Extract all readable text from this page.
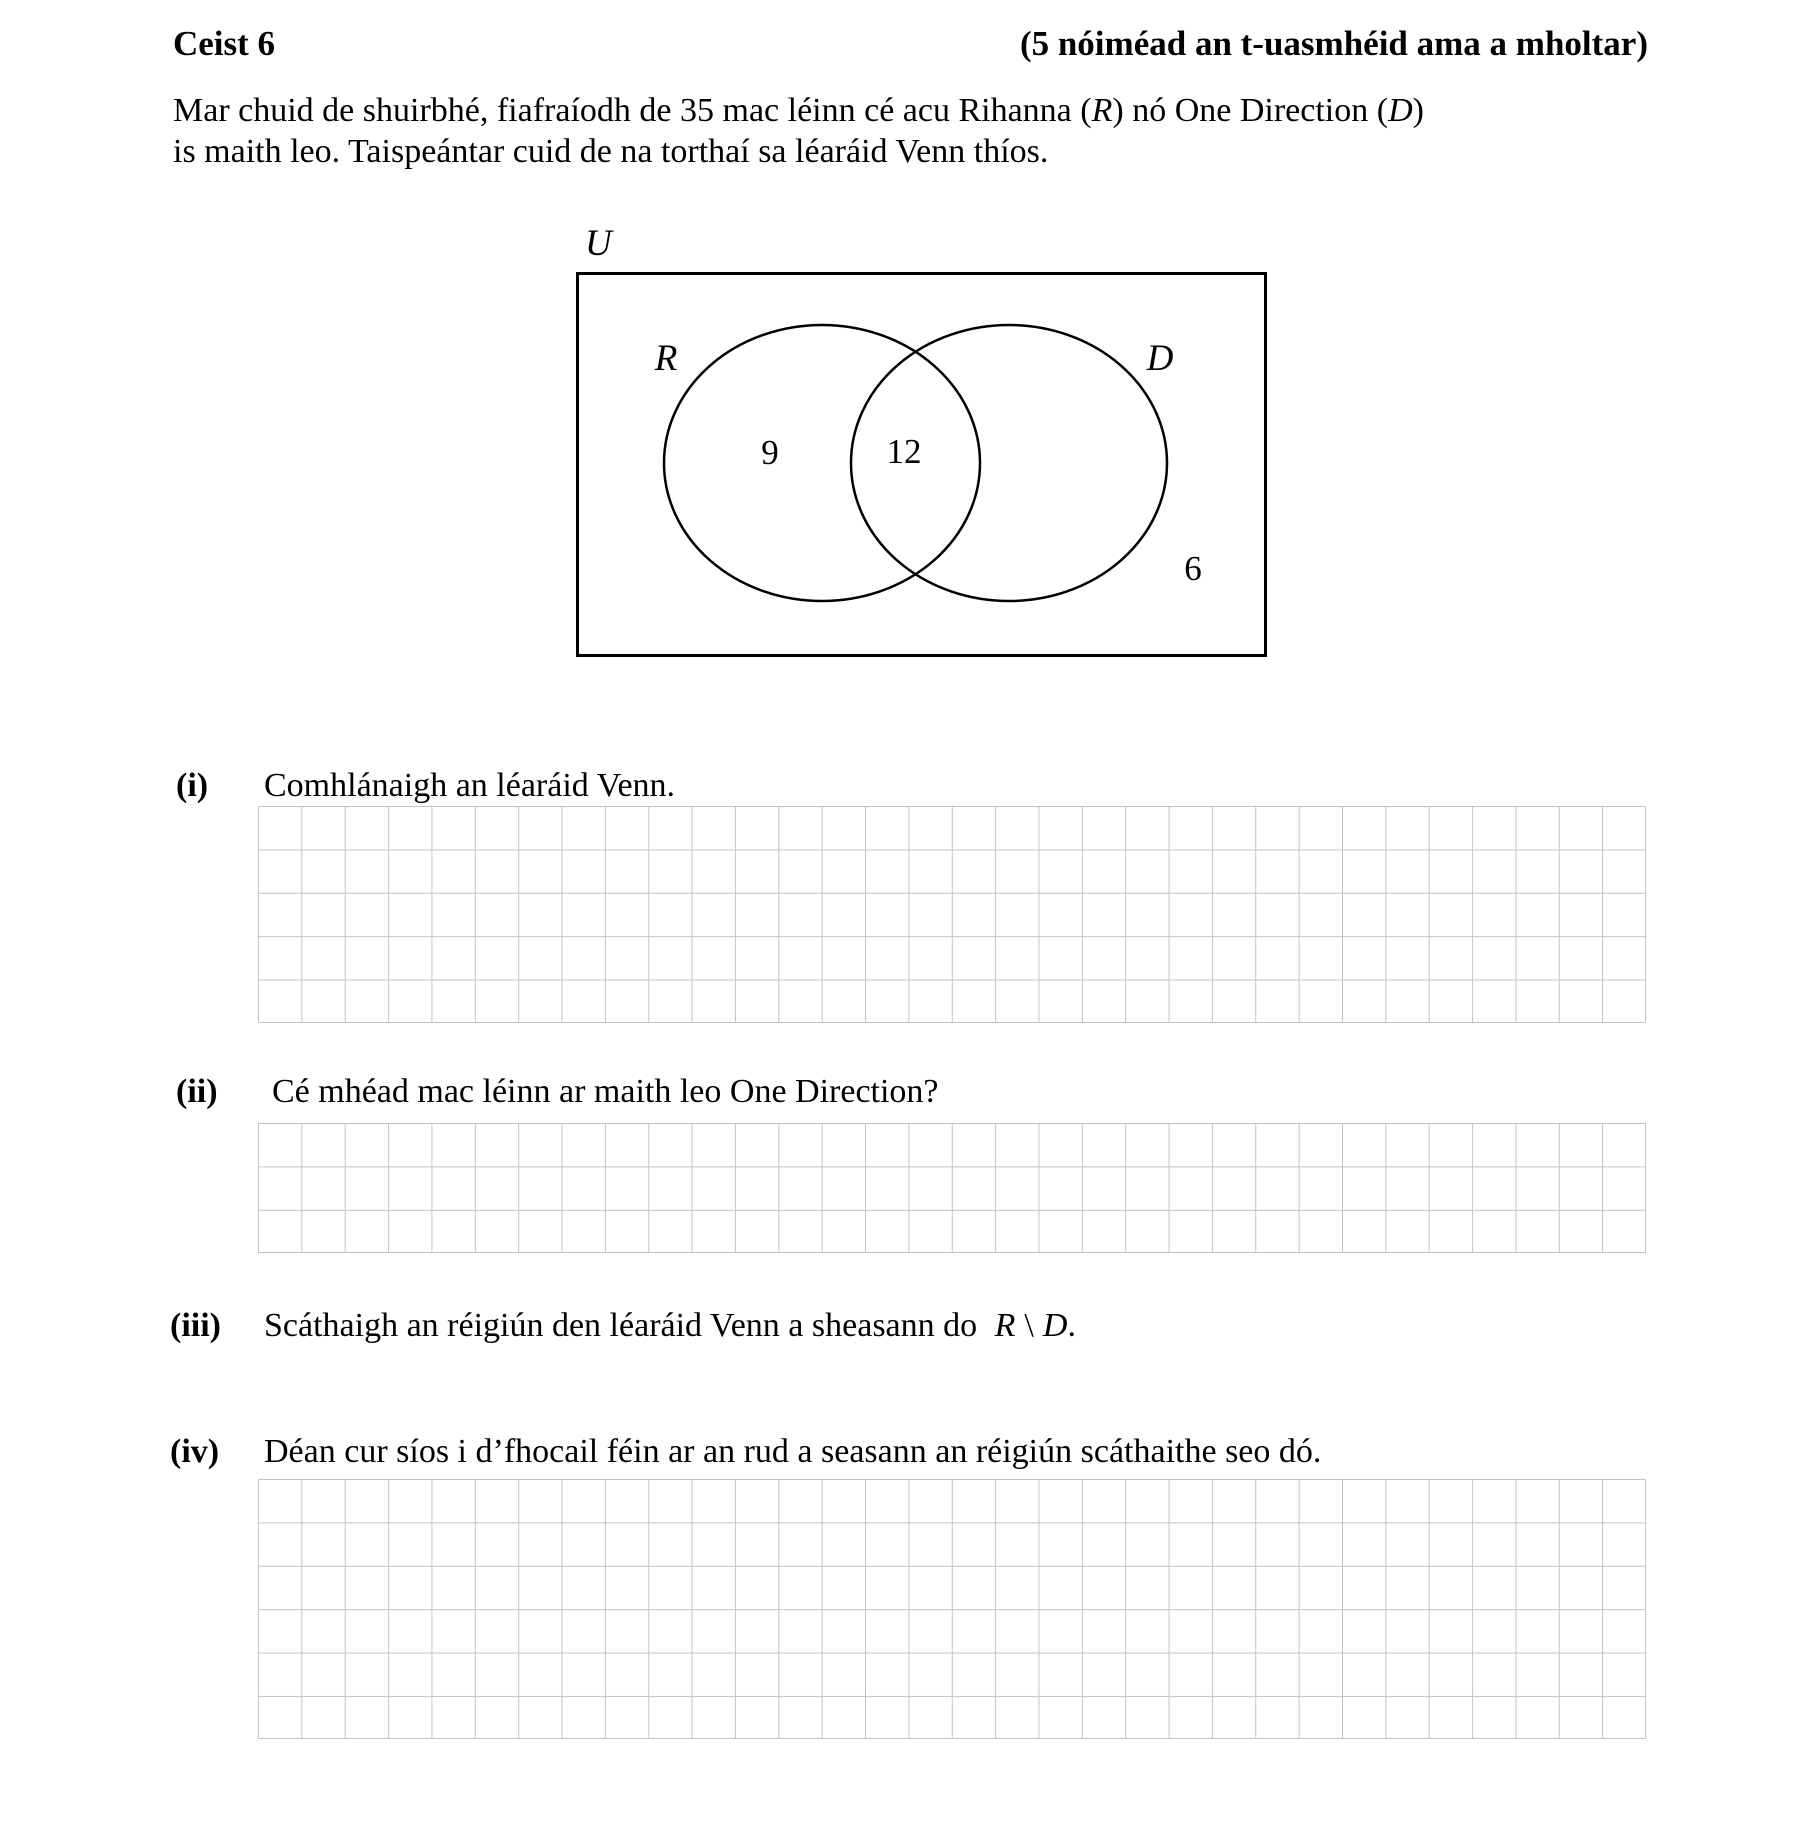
Ceist 6	(5 nóiméad an t-uasmhéid ama a mholtar)
Mar chuid de shuirbhé, fiafraíodh de 35 mac léinn cé acu Rihanna (R) nó One Direction (D)
is maith leo. Taispeántar cuid de na torthaí sa léaráid Venn thíos.
U
R	D
9	12
6
(i) Comhlánaigh an léaráid Venn.
(ii) Cé mhéad mac léinn ar maith leo One Direction?
(iii) Scáthaigh an réigiún den léaráid Venn a sheasann do R \ D.
(iv) Déan cur síos i d’fhocail féin ar an rud a seasann an réigiún scáthaithe seo dó.
